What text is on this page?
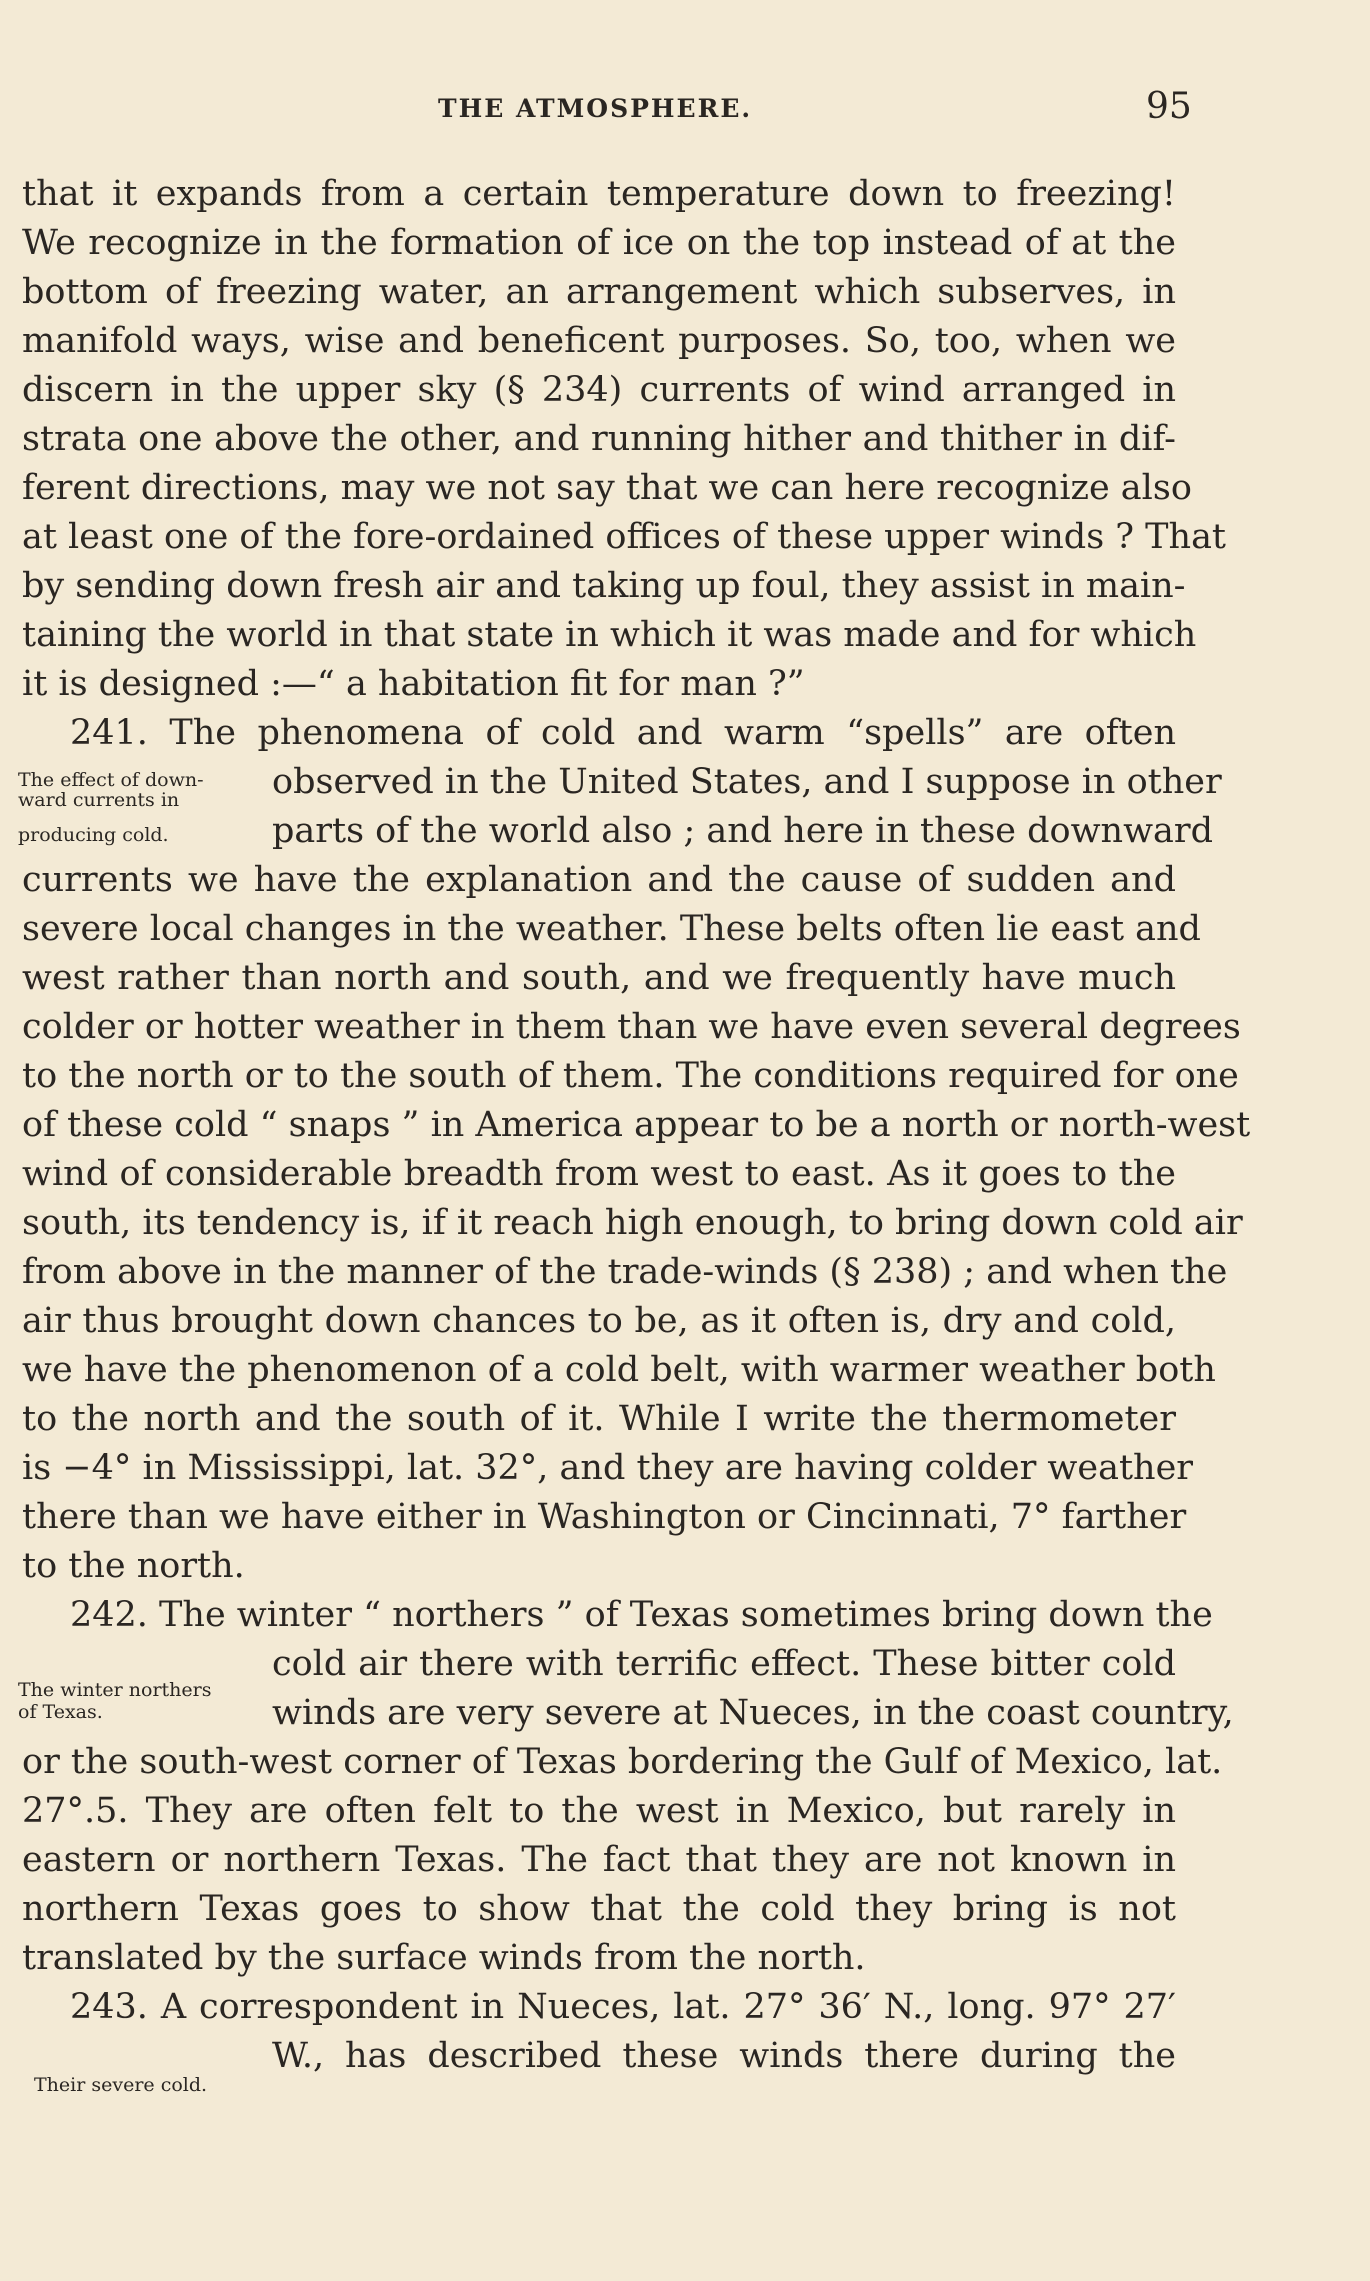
THE ATMOSPHERE.	95
that it expands from a certain temperature down to freezing!
We recognize in the formation of ice on the top instead of at the
bottom of freezing water, an arrangement which subserves, in
manifold ways, wise and beneficent purposes. So, too, when we
discern in the upper sky (§ 234) currents of wind arranged in
strata one above the other, and running hither and thither in dif-
ferent directions, may we not say that we can here recognize also
at least one of the fore-ordained offices of these upper winds ? That
by sending down fresh air and taking up foul, they assist in main-
taining the world in that state in which it was made and for which
it is designed :—“ a habitation fit for man ?”
241. The phenomena of cold and warm “spells” are often
observed in the United States, and I suppose in other
parts of the world also ; and here in these downward
currents we have the explanation and the cause of sudden and
severe local changes in the weather. These belts often lie east and
west rather than north and south, and we frequently have much
colder or hotter weather in them than we have even several degrees
to the north or to the south of them. The conditions required for one
of these cold “ snaps ” in America appear to be a north or north-west
wind of considerable breadth from west to east. As it goes to the
south, its tendency is, if it reach high enough, to bring down cold air
from above in the manner of the trade-winds (§ 238) ; and when the
air thus brought down chances to be, as it often is, dry and cold,
we have the phenomenon of a cold belt, with warmer weather both
to the north and the south of it. While I write the thermometer
is −4° in Mississippi, lat. 32°, and they are having colder weather
there than we have either in Washington or Cincinnati, 7° farther
to the north.
242. The winter “ northers ” of Texas sometimes bring down the
cold air there with terrific effect. These bitter cold
winds are very severe at Nueces, in the coast country,
or the south-west corner of Texas bordering the Gulf of Mexico, lat.
27°.5. They are often felt to the west in Mexico, but rarely in
eastern or northern Texas. The fact that they are not known in
northern Texas goes to show that the cold they bring is not
translated by the surface winds from the north.
243. A correspondent in Nueces, lat. 27° 36′ N., long. 97° 27′
W., has described these winds there during the
The effect of down-
ward currents in
producing cold.
The winter northers
of Texas.
Their severe cold.
